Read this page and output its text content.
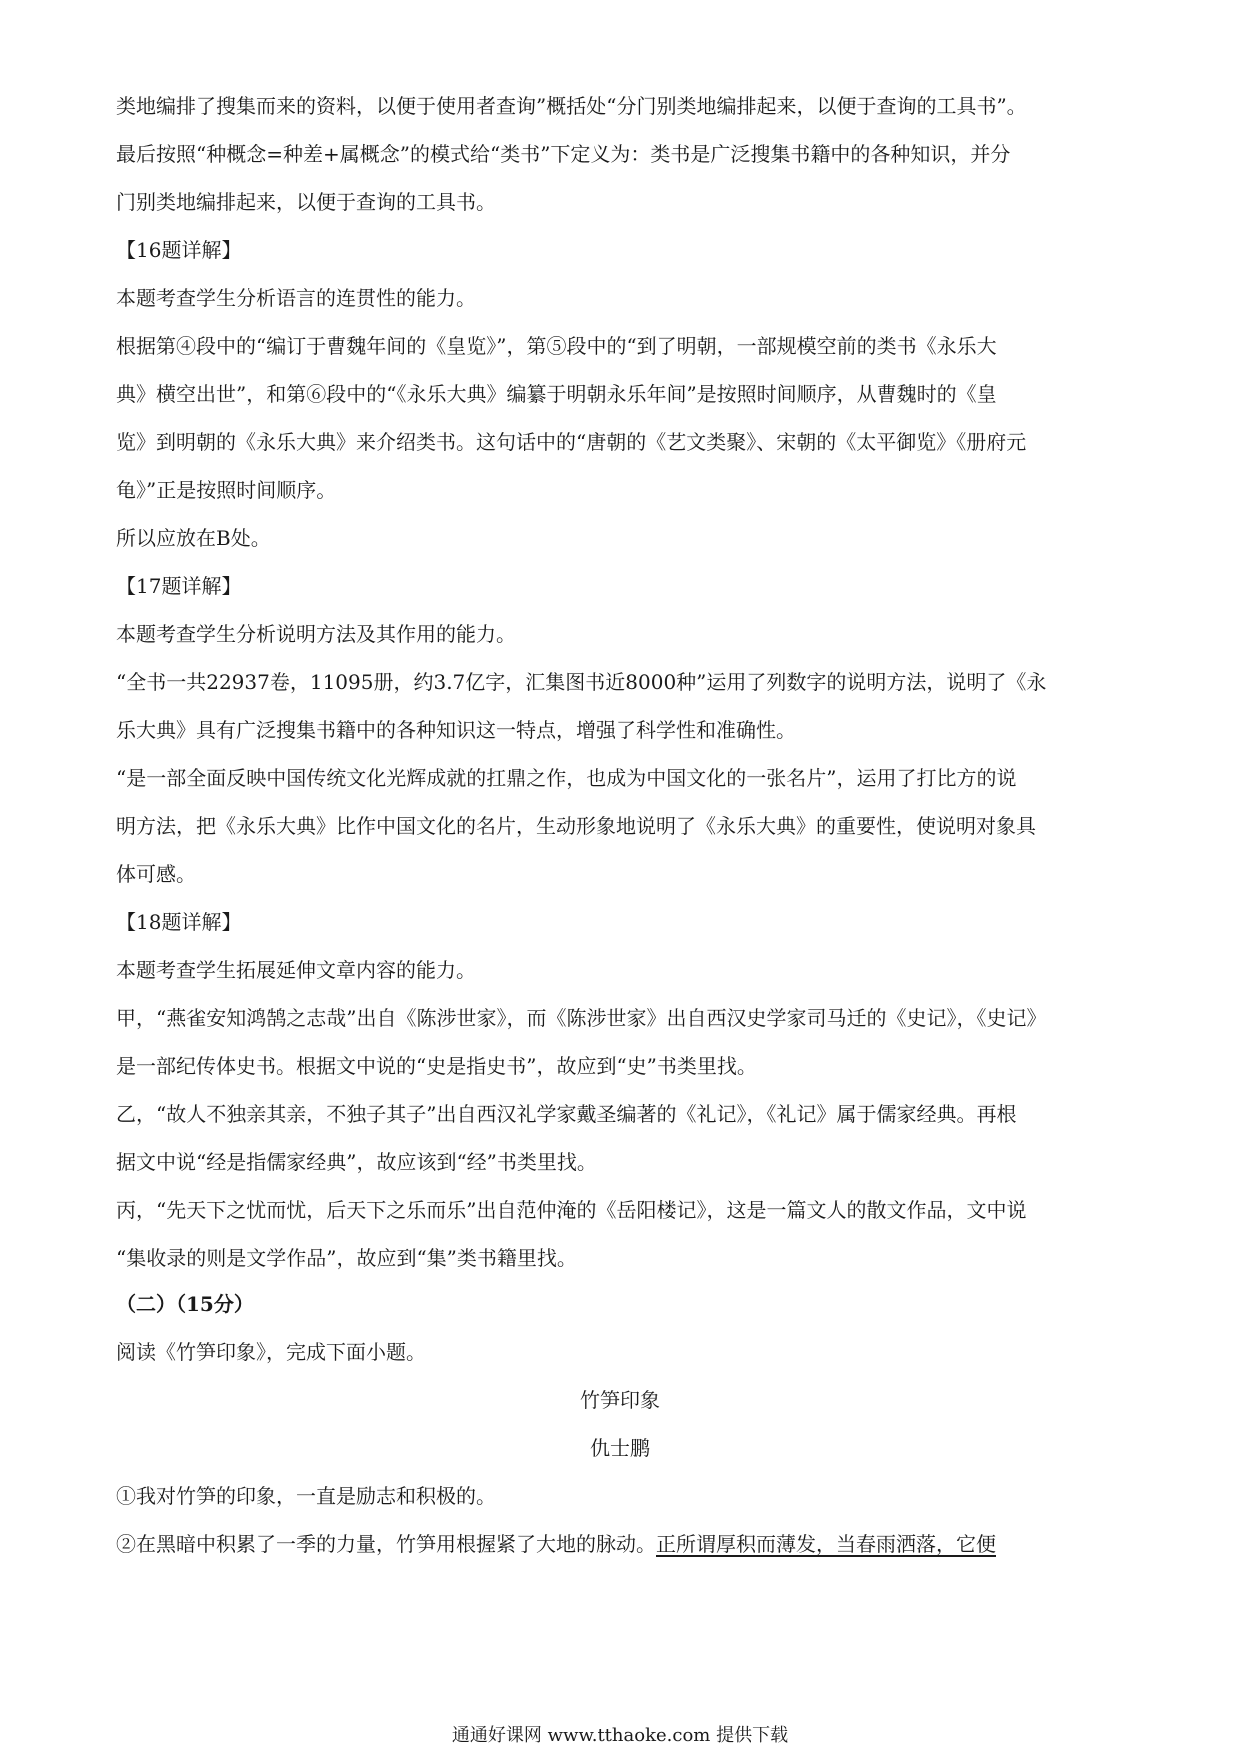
类地编排了搜集而来的资料，以便于使用者查询”概括处“分门别类地编排起来，以便于查询的工具书”。
最后按照“种概念=种差+属概念”的模式给“类书”下定义为：类书是广泛搜集书籍中的各种知识，并分
门别类地编排起来，以便于查询的工具书。
【16题详解】
本题考查学生分析语言的连贯性的能力。
根据第④段中的“编订于曹魏年间的《皇览》”，第⑤段中的“到了明朝，一部规模空前的类书《永乐大
典》横空出世”，和第⑥段中的“《永乐大典》编纂于明朝永乐年间”是按照时间顺序，从曹魏时的《皇
览》到明朝的《永乐大典》来介绍类书。这句话中的“唐朝的《艺文类聚》、宋朝的《太平御览》《册府元
龟》”正是按照时间顺序。
所以应放在B处。
【17题详解】
本题考查学生分析说明方法及其作用的能力。
“全书一共22937卷，11095册，约3.7亿字，汇集图书近8000种”运用了列数字的说明方法，说明了《永
乐大典》具有广泛搜集书籍中的各种知识这一特点，增强了科学性和准确性。
“是一部全面反映中国传统文化光辉成就的扛鼎之作，也成为中国文化的一张名片”，运用了打比方的说
明方法，把《永乐大典》比作中国文化的名片，生动形象地说明了《永乐大典》的重要性，使说明对象具
体可感。
【18题详解】
本题考查学生拓展延伸文章内容的能力。
甲，“燕雀安知鸿鹄之志哉”出自《陈涉世家》，而《陈涉世家》出自西汉史学家司马迁的《史记》，《史记》
是一部纪传体史书。根据文中说的“史是指史书”，故应到“史”书类里找。
乙，“故人不独亲其亲，不独子其子”出自西汉礼学家戴圣编著的《礼记》，《礼记》属于儒家经典。再根
据文中说“经是指儒家经典”，故应该到“经”书类里找。
丙，“先天下之忧而忧，后天下之乐而乐”出自范仲淹的《岳阳楼记》，这是一篇文人的散文作品，文中说
“集收录的则是文学作品”，故应到“集”类书籍里找。
（二）（15分）
阅读《竹笋印象》，完成下面小题。
竹笋印象
仇士鹏
①我对竹笋的印象，一直是励志和积极的。
②在黑暗中积累了一季的力量，竹笋用根握紧了大地的脉动。正所谓厚积而薄发，当春雨洒落，它便
通通好课网 www.tthaoke.com 提供下载
